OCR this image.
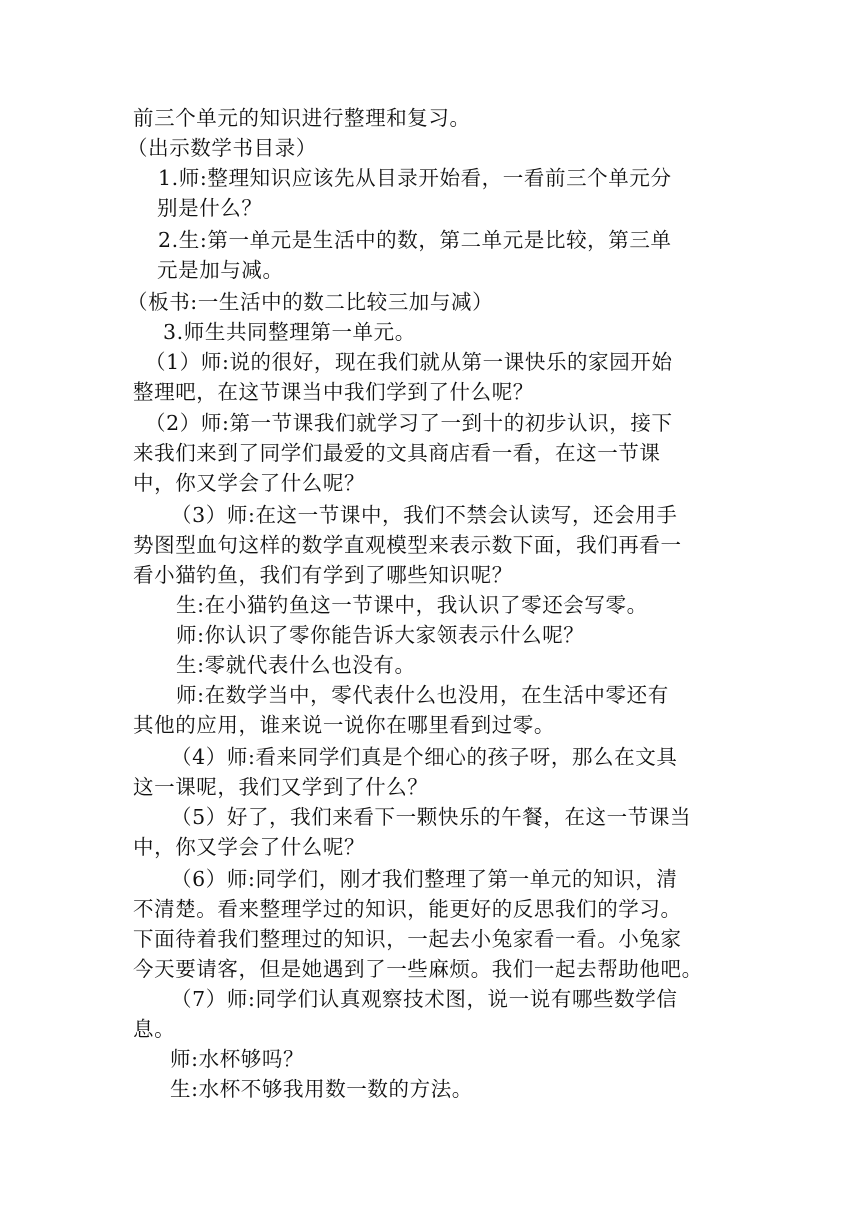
前三个单元的知识进行整理和复习。
（出示数学书目录）
1.师:整理知识应该先从目录开始看，一看前三个单元分
别是什么？
2.生:第一单元是生活中的数，第二单元是比较，第三单
元是加与减。
（板书:一生活中的数二比较三加与减）
3.师生共同整理第一单元。
（1）师:说的很好，现在我们就从第一课快乐的家园开始
整理吧，在这节课当中我们学到了什么呢？
（2）师:第一节课我们就学习了一到十的初步认识，接下
来我们来到了同学们最爱的文具商店看一看，在这一节课
中，你又学会了什么呢？
（3）师:在这一节课中，我们不禁会认读写，还会用手
势图型血句这样的数学直观模型来表示数下面，我们再看一
看小猫钓鱼，我们有学到了哪些知识呢？
生:在小猫钓鱼这一节课中，我认识了零还会写零。
师:你认识了零你能告诉大家领表示什么呢？
生:零就代表什么也没有。
师:在数学当中，零代表什么也没用，在生活中零还有
其他的应用，谁来说一说你在哪里看到过零。
（4）师:看来同学们真是个细心的孩子呀，那么在文具
这一课呢，我们又学到了什么？
（5）好了，我们来看下一颗快乐的午餐，在这一节课当
中，你又学会了什么呢？
（6）师:同学们，刚才我们整理了第一单元的知识，清
不清楚。看来整理学过的知识，能更好的反思我们的学习。
下面待着我们整理过的知识，一起去小兔家看一看。小兔家
今天要请客，但是她遇到了一些麻烦。我们一起去帮助他吧。
（7）师:同学们认真观察技术图，说一说有哪些数学信
息。
师:水杯够吗？
生:水杯不够我用数一数的方法。
